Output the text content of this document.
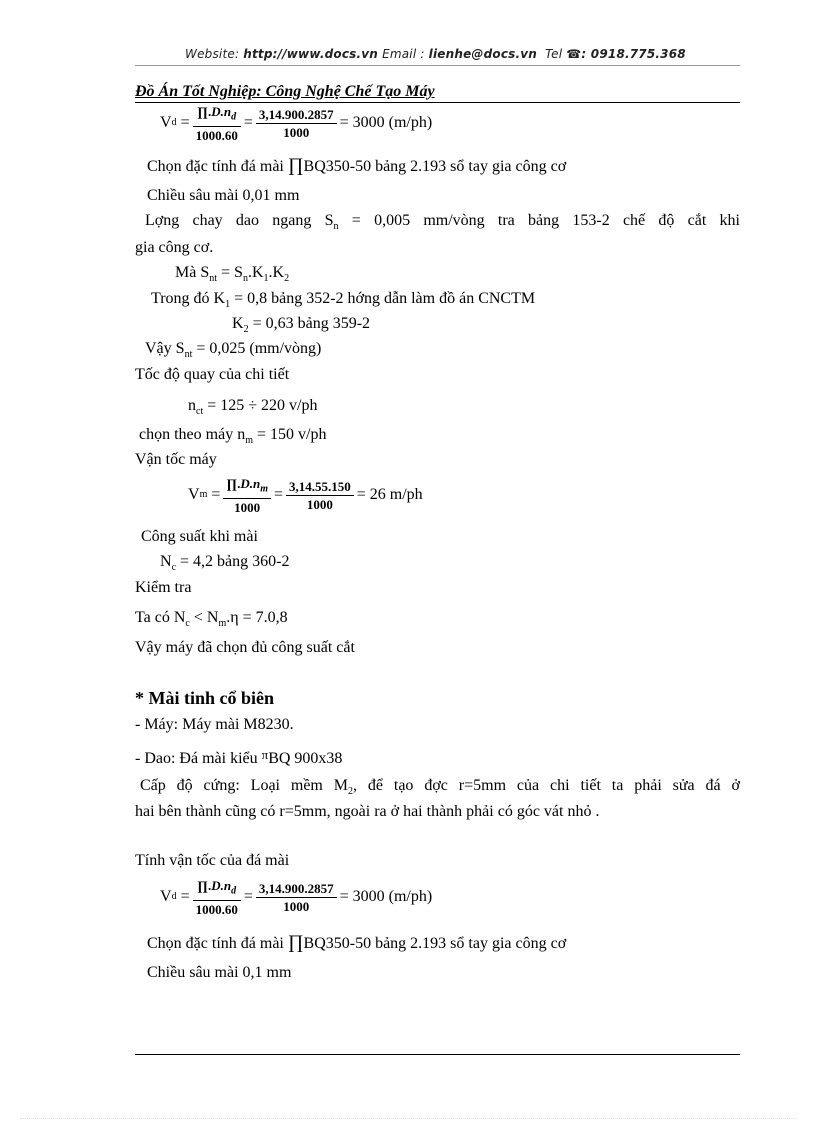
Website: http://www.docs.vn Email : lienhe@docs.vn Tel ☎: 0918.775.368
Đồ Án Tốt Nghiệp: Công Nghệ Chế Tạo Máy
V d
= $\frac{\prod.D.n_d}{1000.60} = \frac{3,14.900.2857}{1000} = 3000$ (m/ph)
Chọn đặc tính đá mài ∏BQ350-50 bảng 2.193 sổ tay gia công cơ
Chiều sâu mài 0,01 mm
Lợng chay dao ngang $S_n = 0,005$ mm/vòng tra bảng 153-2 chế độ cắt khi
gia công cơ.
Mà $S_{nt} = S_n.K_1.K_2$
Trong đó $K_1 = 0,8$ bảng 352-2 hớng dẫn làm đồ án CNCTM
$K_2 = 0,63$ bảng 359-2
Vậy $S_{nt} = 0,025$ (mm/vòng)
Tốc độ quay của chi tiết
$n_{ct} = 125 \div 220$ v/ph
chọn theo máy $n_m = 150$ v/ph
Vận tốc máy
V m
= $\frac{\prod.D.n_m}{1000} = \frac{3,14.55.150}{1000} = 26$ m/ph
Công suất khi mài
$N_c = 4,2$ bảng 360-2
Kiểm tra
Ta có $N_c < N_m.\eta = 7.0,8$
Vậy máy đã chọn đủ công suất cắt
* Mài tinh cổ biên
- Máy: Máy mài M8230.
- Dao: Đá mài kiểu $^\pi$BQ 900x38
Cấp độ cứng: Loại mềm $M_2$, để tạo đợc r=5mm của chi tiết ta phải sửa đá ở
hai bên thành cũng có r=5mm, ngoài ra ở hai thành phải có góc vát nhỏ .
Tính vận tốc của đá mài
V d
= $\frac{\prod.D.n_d}{1000.60} = \frac{3,14.900.2857}{1000} = 3000$ (m/ph)
Chọn đặc tính đá mài ∏BQ350-50 bảng 2.193 sổ tay gia công cơ
Chiều sâu mài 0,1 mm
